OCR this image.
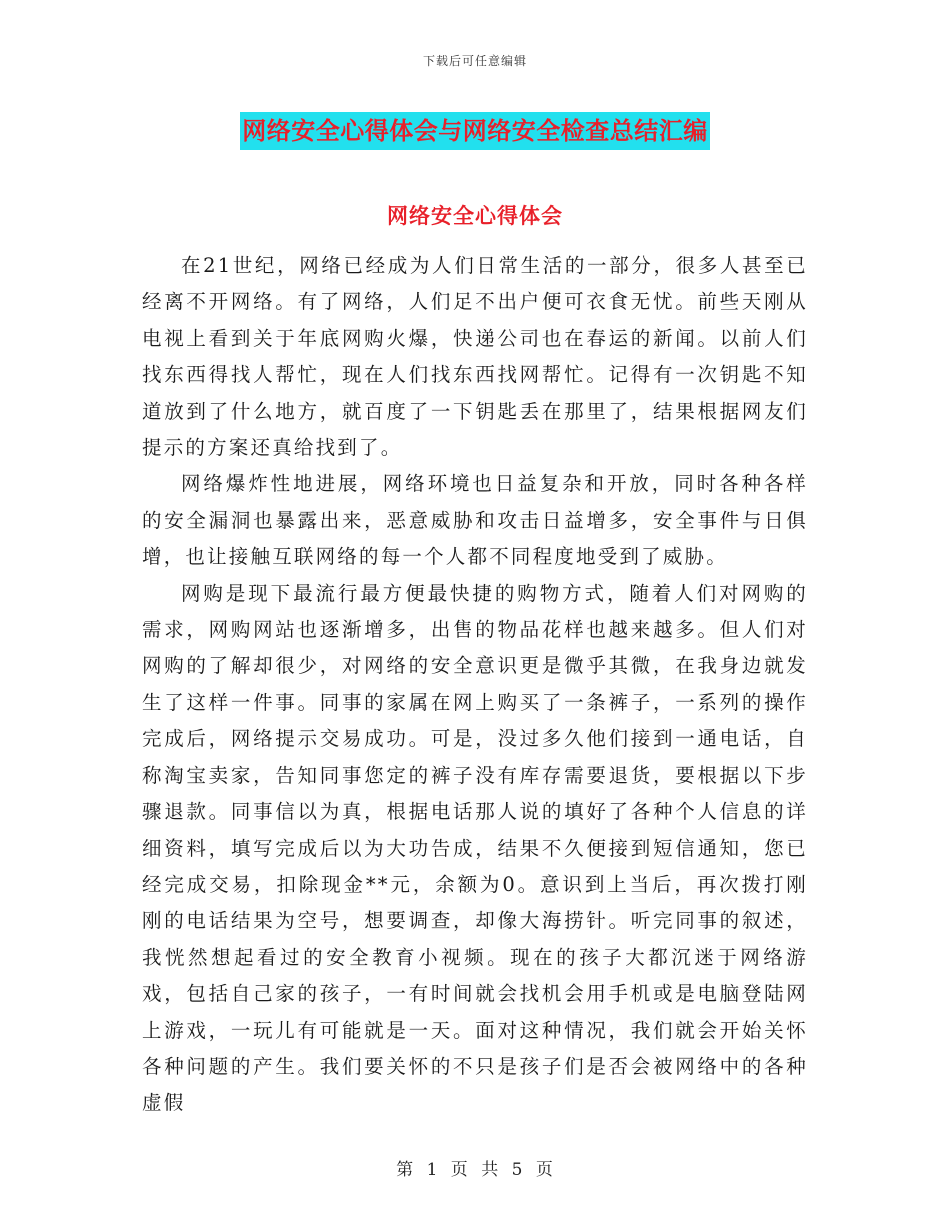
下载后可任意编辑
网络安全心得体会与网络安全检查总结汇编
网络安全心得体会

在21世纪，网络已经成为人们日常生活的一部分，很多人甚至已经离不开网络。有了网络，人们足不出户便可衣食无忧。前些天刚从电视上看到关于年底网购火爆，快递公司也在春运的新闻。以前人们找东西得找人帮忙，现在人们找东西找网帮忙。记得有一次钥匙不知道放到了什么地方，就百度了一下钥匙丢在那里了，结果根据网友们提示的方案还真给找到了。

网络爆炸性地进展，网络环境也日益复杂和开放，同时各种各样的安全漏洞也暴露出来，恶意威胁和攻击日益增多，安全事件与日俱增，也让接触互联网络的每一个人都不同程度地受到了威胁。

网购是现下最流行最方便最快捷的购物方式，随着人们对网购的需求，网购网站也逐渐增多，出售的物品花样也越来越多。但人们对网购的了解却很少，对网络的安全意识更是微乎其微，在我身边就发生了这样一件事。同事的家属在网上购买了一条裤子，一系列的操作完成后，网络提示交易成功。可是，没过多久他们接到一通电话，自称淘宝卖家，告知同事您定的裤子没有库存需要退货，要根据以下步骤退款。同事信以为真，根据电话那人说的填好了各种个人信息的详细资料，填写完成后以为大功告成，结果不久便接到短信通知，您已经完成交易，扣除现金**元，余额为0。意识到上当后，再次拨打刚刚的电话结果为空号，想要调查，却像大海捞针。听完同事的叙述，我恍然想起看过的安全教育小视频。现在的孩子大都沉迷于网络游戏，包括自己家的孩子，一有时间就会找机会用手机或是电脑登陆网上游戏，一玩儿有可能就是一天。面对这种情况，我们就会开始关怀各种问题的产生。我们要关怀的不只是孩子们是否会被网络中的各种虚假

第 1 页 共 5 页
